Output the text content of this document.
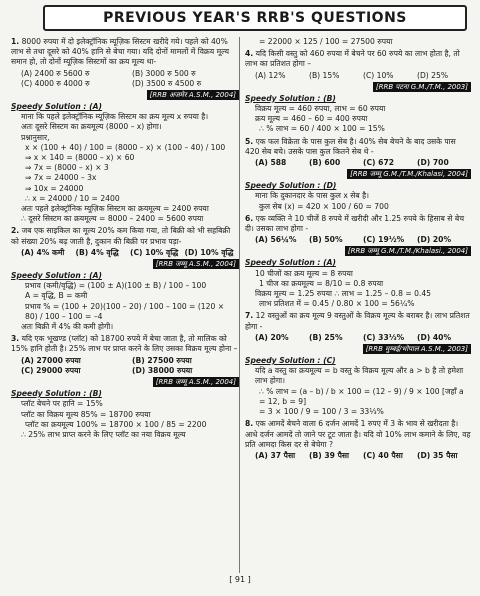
PREVIOUS YEAR'S RRB'S QUESTIONS
1. 8000 रुपया में दो इलेक्ट्रॉनिक म्यूज़िक सिस्टम खरीदे गये। पहले को 40% लाभ से तथा दूसरे को 40% हानि से बेचा गया। यदि दोनों मामलों में विक्रय मूल्य समान हो, तो दोनों म्यूज़िक सिस्टमों का क्रय मूल्य था-
(A) 2400 रु 5600 रु	(B) 3000 रु 500 रु
(C) 4000 रु 4000 रु	(D) 3500 रु 4500 रु
[RRB अजमेर A.S.M., 2004]
Speedy Solution : (A)
माना कि पहले इलेक्ट्रॉनिक म्यूज़िक सिस्टम का क्रय मूल्य x रुपया है।
अतः दूसरे सिस्टम का क्रयमूल्य (8000 – x) होगा।
प्रश्नानुसार,
x × (100 + 40) / 100 = (8000 – x) × (100 – 40) / 100
⇒ x × 140 = (8000 – x) × 60
⇒ 7x = (8000 – x) × 3
⇒ 7x = 24000 – 3x
⇒ 10x = 24000
∴ x = 24000 / 10 = 2400
अतः पहले इलेक्ट्रॉनिक म्यूज़िक सिस्टम का क्रयमूल्य = 2400 रुपया
∴ दूसरे सिस्टम का क्रयमूल्य = 8000 – 2400 = 5600 रुपया
2. जब एक साइकिल का मूल्य 20% कम किया गया, तो बिक्री को भी सहबिक्री को संख्या 20% बढ़ जाती है, दुकान की बिक्री पर प्रभाव पड़ा-
(A) 4% कमी	(B) 4% वृद्धि	(C) 10% वृद्धि (D) 10% वृद्धि
[RRB जम्मू A.S.M., 2004]
Speedy Solution : (A)
प्रभाव (कमी/वृद्धि) = (100 ± A)(100 ± B) / 100 – 100
A = वृद्धि, B = कमी
प्रभाव % = (100 + 20)(100 – 20) / 100 – 100 = (120 × 80) / 100 – 100 = –4
अतः बिक्री में 4% की कमी होगी।
3. यदि एक भूखण्ड (प्लॉट) को 18700 रुपये में बेचा जाता है, तो मालिक को 15% हानि होती है। 25% लाभ पर प्राप्त करने के लिए उसका विक्रय मूल्य होना –
(A) 27000 रुपया	(B) 27500 रुपया
(C) 29000 रुपया	(D) 38000 रुपया
[RRB जम्मू A.S.M., 2004]
Speedy Solution : (B)
प्लॉट बेचने पर हानि = 15%
प्लॉट का विक्रय मूल्य 85% = 18700 रुपया
प्लॉट का क्रयमूल्य 100% = 18700 × 100 / 85 = 2200
∴ 25% लाभ प्राप्त करने के लिए प्लॉट का नया विक्रय मूल्य
= 22000 × 125 / 100 = 27500 रुपया
4. यदि किसी वस्तु को 460 रुपया में बेचने पर 60 रुपये का लाभ होता है, तो लाभ का प्रतिशत होगा –
(A) 12%	(B) 15%	(C) 10%	(D) 25%
[RRB पटना G.M./T.M., 2003]
Speedy Solution : (B)
विक्रय मूल्य = 460 रुपया, लाभ = 60 रुपया
क्रय मूल्य = 460 – 60 = 400 रुपया
∴ % लाभ = 60 / 400 × 100 = 15%
5. एक फल विक्रेता के पास कुल सेब है। 40% सेब बेचने के बाद उसके पास 420 सेब बचे। उसके पास कुल कितने सेब थे -
(A) 588	(B) 600	(C) 672	(D) 700
[RRB जम्मू G.M./T.M./Khalasi, 2004]
Speedy Solution : (D)
माना कि दुकानदार के पास कुल x सेब है।
कुल सेब (x) = 420 × 100 / 60 = 700
6. एक व्यक्ति ने 10 चीजें 8 रुपये में खरीदी और 1.25 रुपये के हिसाब से बेच दी। उसका लाभ होगा -
(A) 56¼%	(B) 50%	(C) 19½%	(D) 20%
[RRB जम्मू G.M./T.M./Khalasi., 2004]
Speedy Solution : (A)
10 चीजों का क्रय मूल्य = 8 रुपया
1 चीज का क्रयमूल्य = 8/10 = 0.8 रुपया
विक्रय मूल्य = 1.25 रुपया ∴ लाभ = 1.25 – 0.8 = 0.45
लाभ प्रतिशत में = 0.45 / 0.80 × 100 = 56¼%
7. 12 वस्तुओं का क्रय मूल्य 9 वस्तुओं के विक्रय मूल्य के बराबर है। लाभ प्रतिशत होगा -
(A) 20%	(B) 25%	(C) 33⅓%	(D) 40%
[RRB मुम्बई/भोपाल A.S.M., 2003]
Speedy Solution : (C)
यदि a वस्तु का क्रयमूल्य = b वस्तु के विक्रय मूल्य और a > b है तो हमेशा लाभ होगा।
∴ % लाभ = (a – b) / b × 100 = (12 – 9) / 9 × 100 [जहाँ a = 12, b = 9]
= 3 × 100 / 9 = 100 / 3 = 33⅓%
8. एक आमदें बेचने वाला 6 दर्जन आमदें 1 रुपए में 3 के भाव से खरीदता है। आधे दर्जन आमदें तो जाने पर टूट जाता है। यदि वो 10% लाभ कमाने के लिए, वह प्रति आमदा किस दर से बेचेगा ?
(A) 37 पैसा	(B) 39 पैसा	(C) 40 पैसा	(D) 35 पैसा
[ 91 ]
